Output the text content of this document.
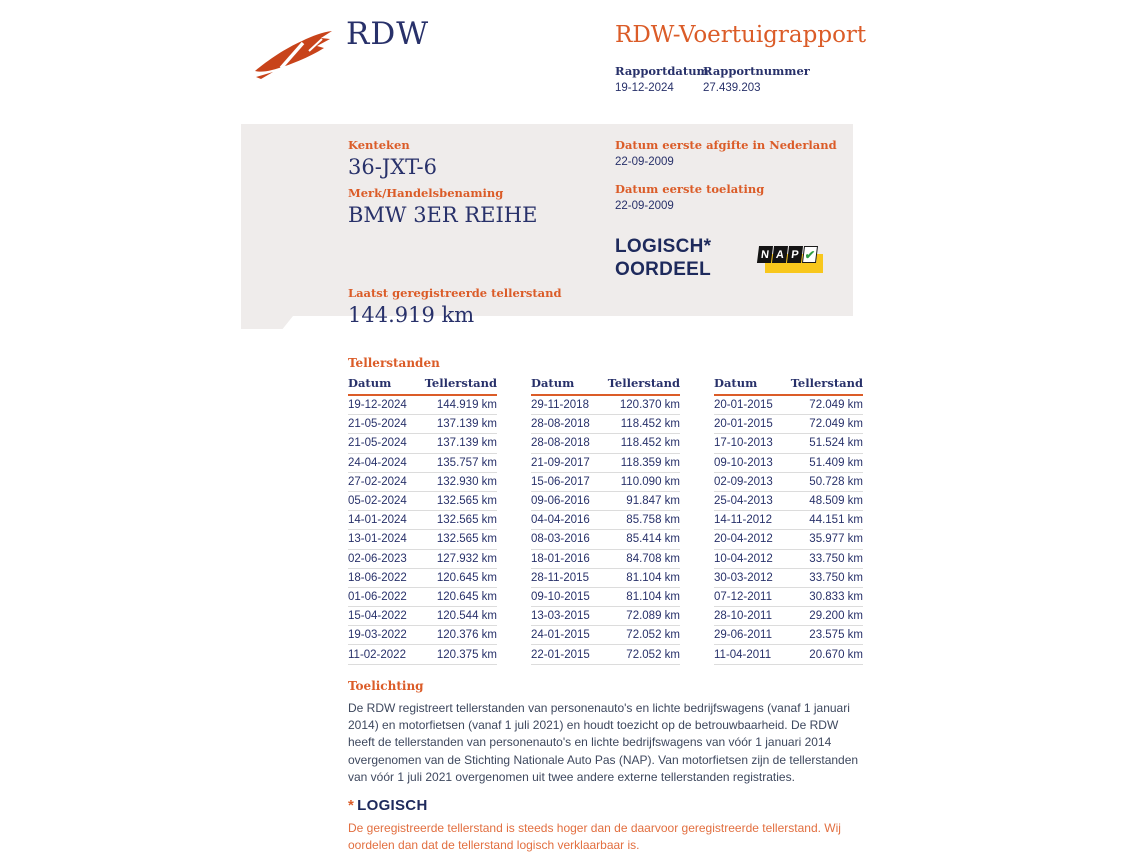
RDW	RDW-Voertuigrapport
Rapportdatum
19-12-2024
Rapportnummer
27.439.203
Kenteken
36-JXT-6
Merk/Handelsbenaming
BMW 3ER REIHE
Laatst geregistreerde tellerstand
144.919 km
Datum eerste afgifte in Nederland
22-09-2009
Datum eerste toelating
22-09-2009
LOGISCH*
OORDEEL
N A P ✔
Tellerstanden
Datum	Tellerstand
19-12-2024	144.919 km
21-05-2024	137.139 km
21-05-2024	137.139 km
24-04-2024	135.757 km
27-02-2024	132.930 km
05-02-2024	132.565 km
14-01-2024	132.565 km
13-01-2024	132.565 km
02-06-2023	127.932 km
18-06-2022	120.645 km
01-06-2022	120.645 km
15-04-2022	120.544 km
19-03-2022	120.376 km
11-02-2022	120.375 km
Datum	Tellerstand
29-11-2018	120.370 km
28-08-2018	118.452 km
28-08-2018	118.452 km
21-09-2017	118.359 km
15-06-2017	110.090 km
09-06-2016	91.847 km
04-04-2016	85.758 km
08-03-2016	85.414 km
18-01-2016	84.708 km
28-11-2015	81.104 km
09-10-2015	81.104 km
13-03-2015	72.089 km
24-01-2015	72.052 km
22-01-2015	72.052 km
Datum	Tellerstand
20-01-2015	72.049 km
20-01-2015	72.049 km
17-10-2013	51.524 km
09-10-2013	51.409 km
02-09-2013	50.728 km
25-04-2013	48.509 km
14-11-2012	44.151 km
20-04-2012	35.977 km
10-04-2012	33.750 km
30-03-2012	33.750 km
07-12-2011	30.833 km
28-10-2011	29.200 km
29-06-2011	23.575 km
11-04-2011	20.670 km
Toelichting
De RDW registreert tellerstanden van personenauto's en lichte bedrijfswagens (vanaf 1 januari 2014) en motorfietsen (vanaf 1 juli 2021) en houdt toezicht op de betrouwbaarheid. De RDW heeft de tellerstanden van personenauto's en lichte bedrijfswagens van vóór 1 januari 2014 overgenomen van de Stichting Nationale Auto Pas (NAP). Van motorfietsen zijn de tellerstanden van vóór 1 juli 2021 overgenomen uit twee andere externe tellerstanden registraties.
* LOGISCH
De geregistreerde tellerstand is steeds hoger dan de daarvoor geregistreerde tellerstand. Wij oordelen dan dat de tellerstand logisch verklaarbaar is.
